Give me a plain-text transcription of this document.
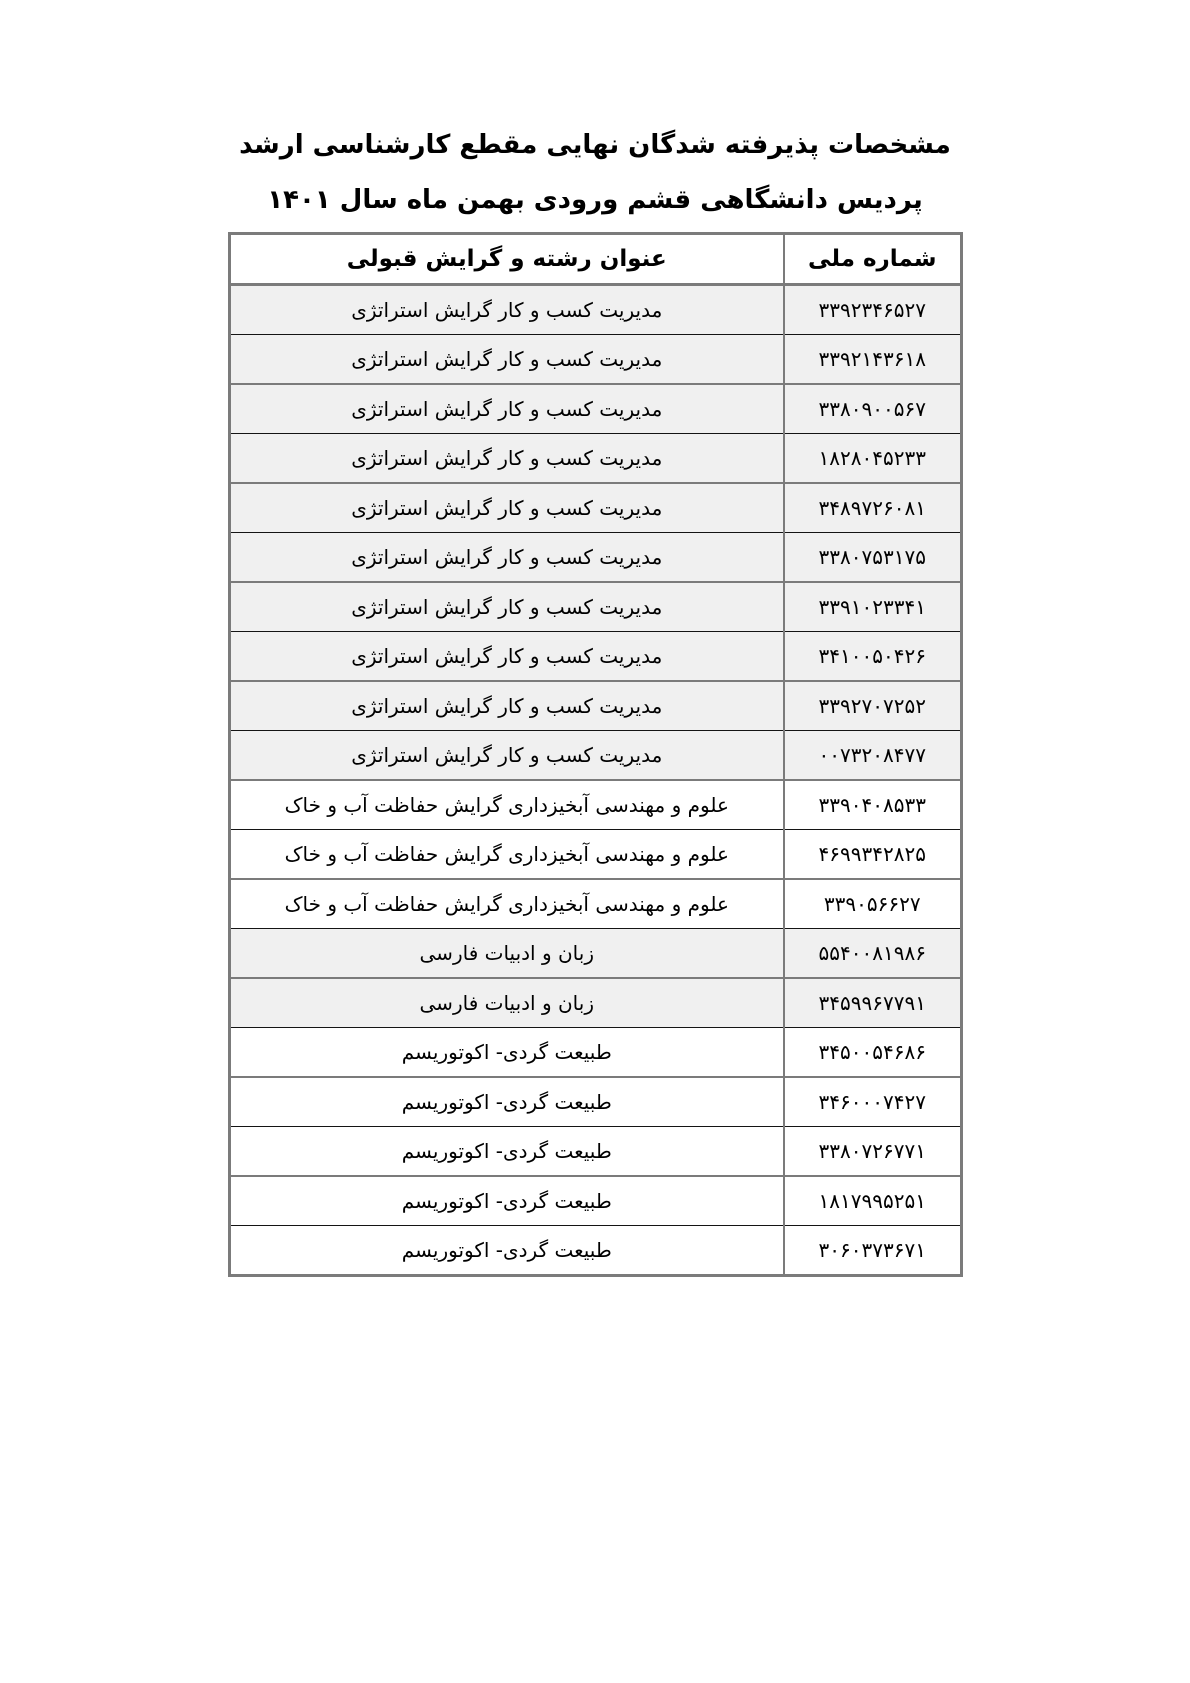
مشخصات پذیرفته شدگان نهایی مقطع کارشناسی ارشد
پردیس دانشگاهی قشم ورودی بهمن ماه سال ۱۴۰۱
شماره ملی	عنوان رشته و گرایش قبولی
۳۳۹۲۳۴۶۵۲۷	مدیریت کسب و کار گرایش استراتژی
۳۳۹۲۱۴۳۶۱۸	مدیریت کسب و کار گرایش استراتژی
۳۳۸۰۹۰۰۵۶۷	مدیریت کسب و کار گرایش استراتژی
۱۸۲۸۰۴۵۲۳۳	مدیریت کسب و کار گرایش استراتژی
۳۴۸۹۷۲۶۰۸۱	مدیریت کسب و کار گرایش استراتژی
۳۳۸۰۷۵۳۱۷۵	مدیریت کسب و کار گرایش استراتژی
۳۳۹۱۰۲۳۳۴۱	مدیریت کسب و کار گرایش استراتژی
۳۴۱۰۰۵۰۴۲۶	مدیریت کسب و کار گرایش استراتژی
۳۳۹۲۷۰۷۲۵۲	مدیریت کسب و کار گرایش استراتژی
۰۰۷۳۲۰۸۴۷۷	مدیریت کسب و کار گرایش استراتژی
۳۳۹۰۴۰۸۵۳۳	علوم و مهندسی آبخیزداری گرایش حفاظت آب و خاک
۴۶۹۹۳۴۲۸۲۵	علوم و مهندسی آبخیزداری گرایش حفاظت آب و خاک
۳۳۹۰۵۶۶۲۷	علوم و مهندسی آبخیزداری گرایش حفاظت آب و خاک
۵۵۴۰۰۸۱۹۸۶	زبان و ادبیات فارسی
۳۴۵۹۹۶۷۷۹۱	زبان و ادبیات فارسی
۳۴۵۰۰۵۴۶۸۶	طبیعت گردی- اکوتوریسم
۳۴۶۰۰۰۷۴۲۷	طبیعت گردی- اکوتوریسم
۳۳۸۰۷۲۶۷۷۱	طبیعت گردی- اکوتوریسم
۱۸۱۷۹۹۵۲۵۱	طبیعت گردی- اکوتوریسم
۳۰۶۰۳۷۳۶۷۱	طبیعت گردی- اکوتوریسم
